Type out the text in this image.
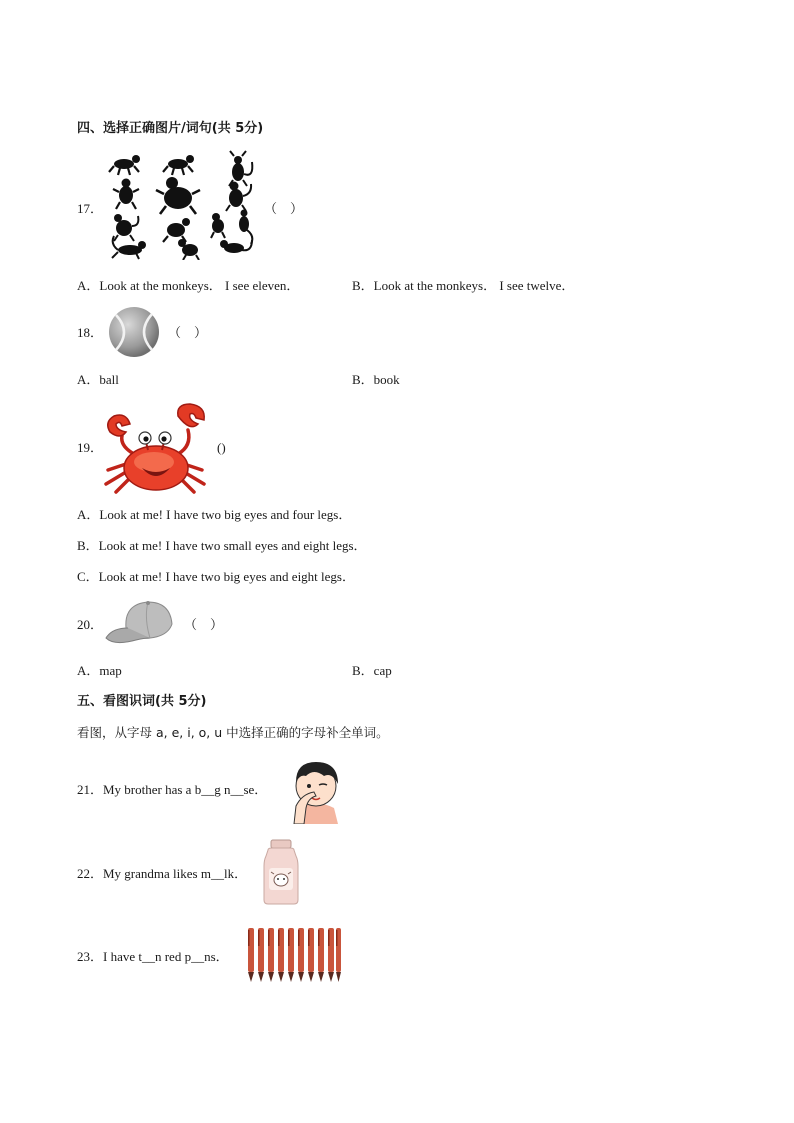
四、选择正确图片/词句(共 5分)
17．	（　）
A．Look at the monkeys． I see eleven．	B．Look at the monkeys． I see twelve．
18．	（　）
A．ball	B．book
19．	()
A．Look at me! I have two big eyes and four legs．
B．Look at me! I have two small eyes and eight legs．
C．Look at me! I have two big eyes and eight legs．
20．	（　）
A．map	B．cap
五、看图识词(共 5分)
看图，从字母 a, e, i, o, u 中选择正确的字母补全单词。
21．My brother has a b__g n__se．
22．My grandma likes m__lk．
23．I have t__n red p__ns．
